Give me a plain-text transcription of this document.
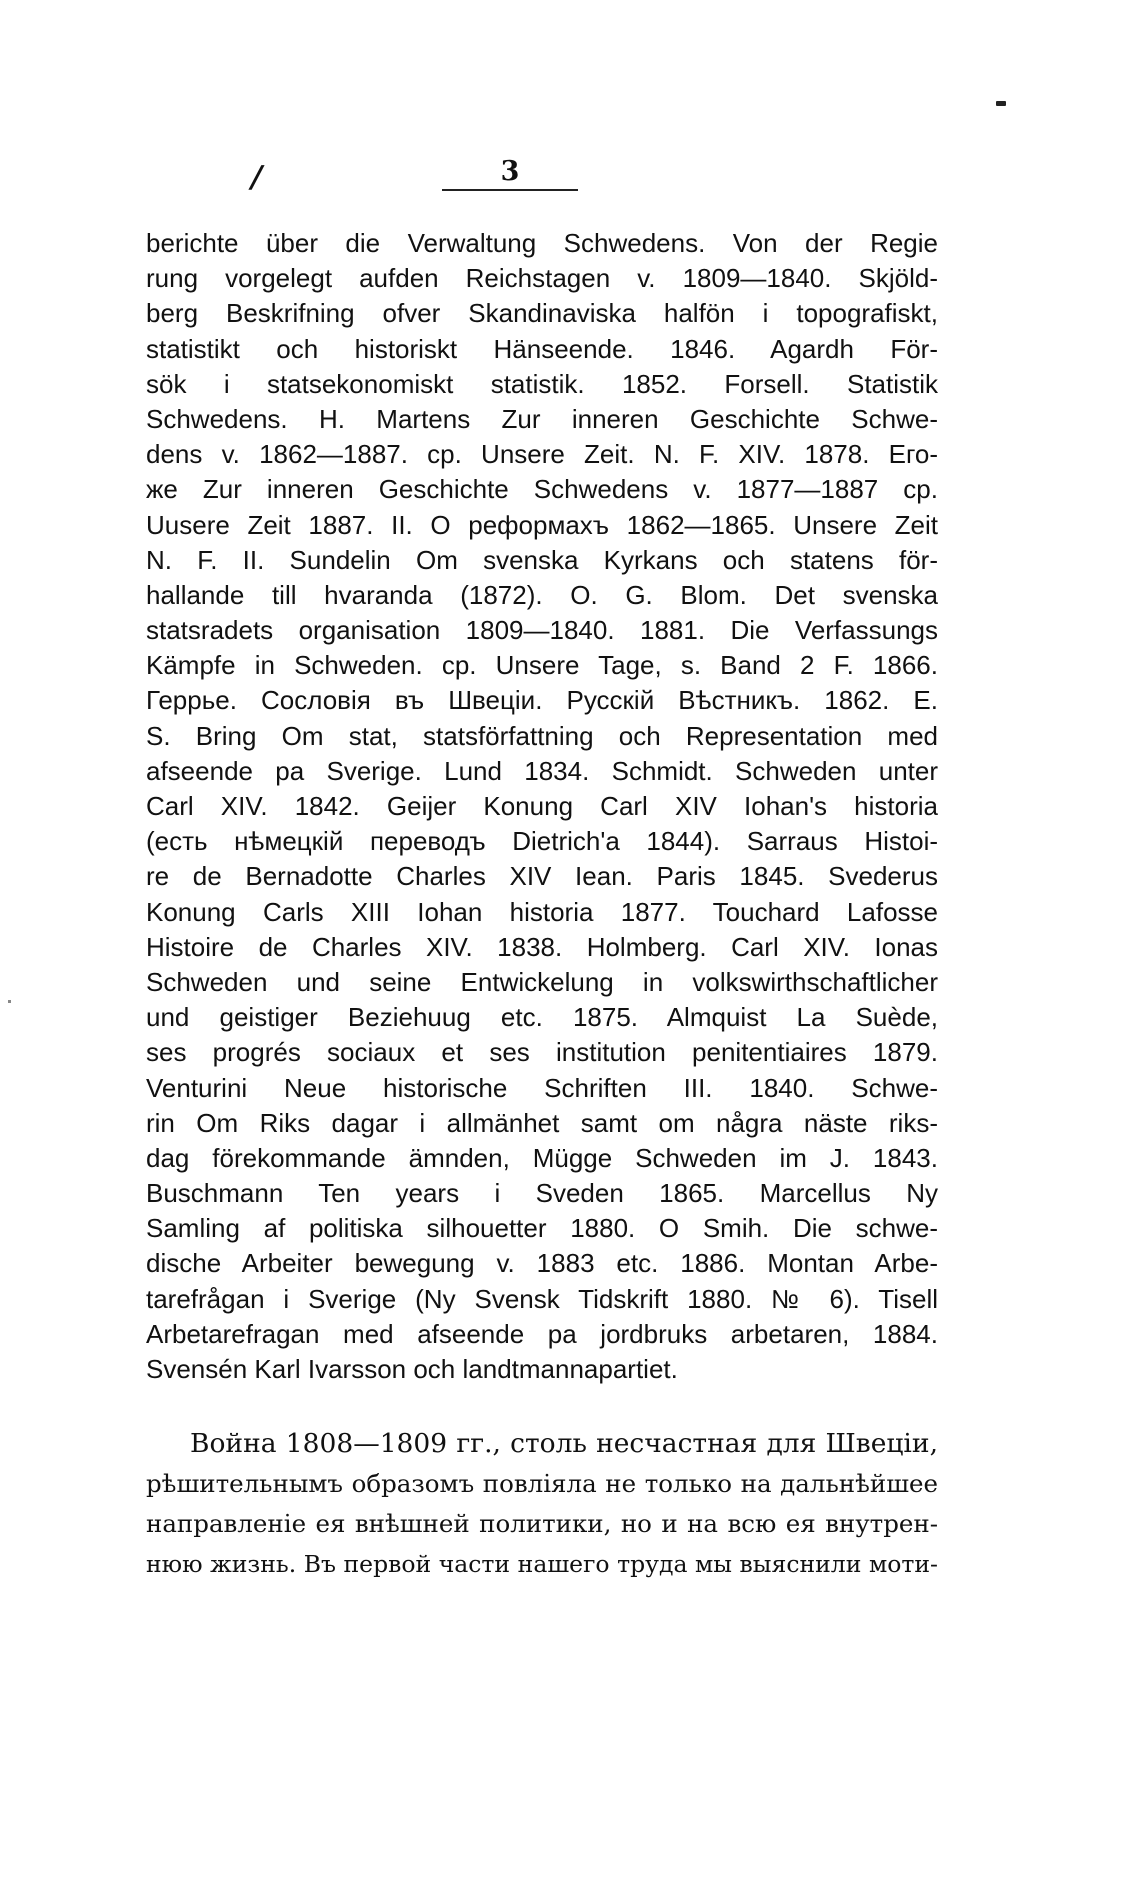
/	3
berichte über die Verwaltung Schwedens. Von der Regie
rung vorgelegt aufden Reichstagen v. 1809—1840. Skjöld-
berg Beskrifning ofver Skandinaviska halfön i topografiskt,
statistikt och historiskt Hänseende. 1846. Agardh För-
sök i statsekonomiskt statistik. 1852. Forsell. Statistik
Schwedens. H. Martens Zur inneren Geschichte Schwe-
dens v. 1862—1887. cp. Unsere Zeit. N. F. XIV. 1878. Его-
же Zur inneren Geschichte Schwedens v. 1877—1887 cp.
Uusere Zeit 1887. II. О реформахъ 1862—1865. Unsere Zeit
N. F. II. Sundelin Om svenska Kyrkans och statens för-
hallande till hvaranda (1872). O. G. Blom. Det svenska
statsradets organisation 1809—1840. 1881. Die Verfassungs
Kämpfe in Schweden. cp. Unsere Tage, s. Band 2 F. 1866.
Геррье. Сословія въ Швеціи. Русскій Вѣстникъ. 1862. E.
S. Bring Om stat, statsförfattning och Representation med
afseende pa Sverige. Lund 1834. Schmidt. Schweden unter
Carl XIV. 1842. Geijer Konung Carl XIV Iohan's historia
(есть нѣмецкій переводъ Dietrich'a 1844). Sarraus Histoi-
re de Bernadotte Charles XIV Iean. Paris 1845. Svederus
Konung Carls XIII Iohan historia 1877. Touchard Lafosse
Histoire de Charles XIV. 1838. Holmberg. Carl XIV. Ionas
Schweden und seine Entwickelung in volkswirthschaftlicher
und geistiger Beziehuug etc. 1875. Almquist La Suède,
ses progrés sociaux et ses institution penitentiaires 1879.
Venturini Neue historische Schriften III. 1840. Schwe-
rin Om Riks dagar i allmänhet samt om några näste riks-
dag förekommande ämnden, Mügge Schweden im J. 1843.
Buschmann Ten years i Sveden 1865. Marcellus Ny
Samling af politiska silhouetter 1880. O Smih. Die schwe-
dische Arbeiter bewegung v. 1883 etc. 1886. Montan Arbe-
tarefrågan i Sverige (Ny Svensk Tidskrift 1880. № 6). Tisell
Arbetarefragan med afseende pa jordbruks arbetaren, 1884.
Svensén Karl Ivarsson och landtmannapartiet.
Война 1808—1809 гг., столь несчастная для Швеціи,
рѣшительнымъ образомъ повліяла не только на дальнѣйшее
направленіе ея внѣшней политики, но и на всю ея внутрен-
нюю жизнь. Въ первой части нашего труда мы выяснили моти-
